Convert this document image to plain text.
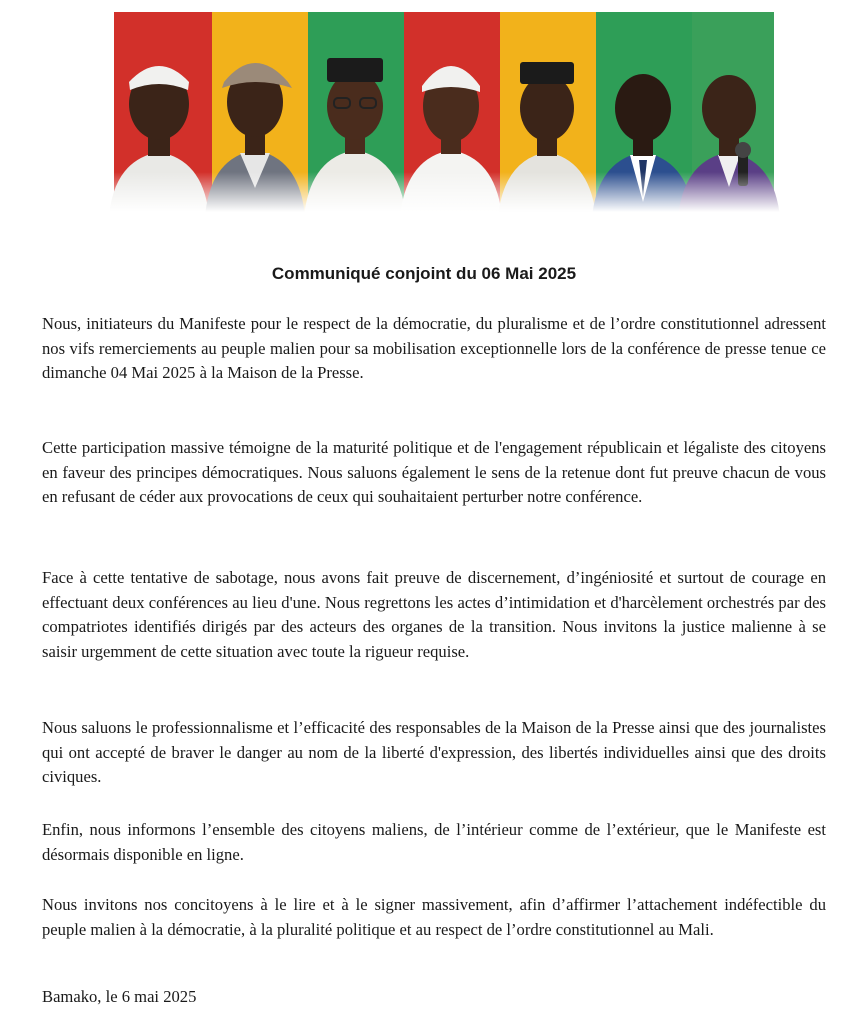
Communiqué conjoint du 06 Mai 2025

Nous, initiateurs du Manifeste pour le respect de la démocratie, du pluralisme et de l’ordre constitutionnel adressent nos vifs remerciements au peuple malien pour sa mobilisation exceptionnelle lors de la conférence de presse tenue ce dimanche 04 Mai 2025 à la Maison de la Presse.

Cette participation massive témoigne de la maturité politique et de l'engagement républicain et légaliste des citoyens en faveur des principes démocratiques. Nous saluons également le sens de la retenue dont fut preuve chacun de vous en refusant de céder aux provocations de ceux qui souhaitaient perturber notre conférence.

Face à cette tentative de sabotage, nous avons fait preuve de discernement, d’ingéniosité et surtout de courage en effectuant deux conférences au lieu d'une. Nous regrettons les actes d’intimidation et d'harcèlement orchestrés par des compatriotes identifiés dirigés par des acteurs des organes de la transition. Nous invitons la justice malienne à se saisir urgemment de cette situation avec toute la rigueur requise.

Nous saluons le professionnalisme et l’efficacité des responsables de la Maison de la Presse ainsi que des journalistes qui ont accepté de braver le danger au nom de la liberté d'expression, des libertés individuelles ainsi que des droits civiques.

Enfin, nous informons l’ensemble des citoyens maliens, de l’intérieur comme de l’extérieur, que le Manifeste est désormais disponible en ligne.

Nous invitons nos concitoyens à le lire et à le signer massivement, afin d’affirmer l’attachement indéfectible du peuple malien à la démocratie, à la pluralité politique et au respect de l’ordre constitutionnel au Mali.

Bamako, le 6 mai 2025
